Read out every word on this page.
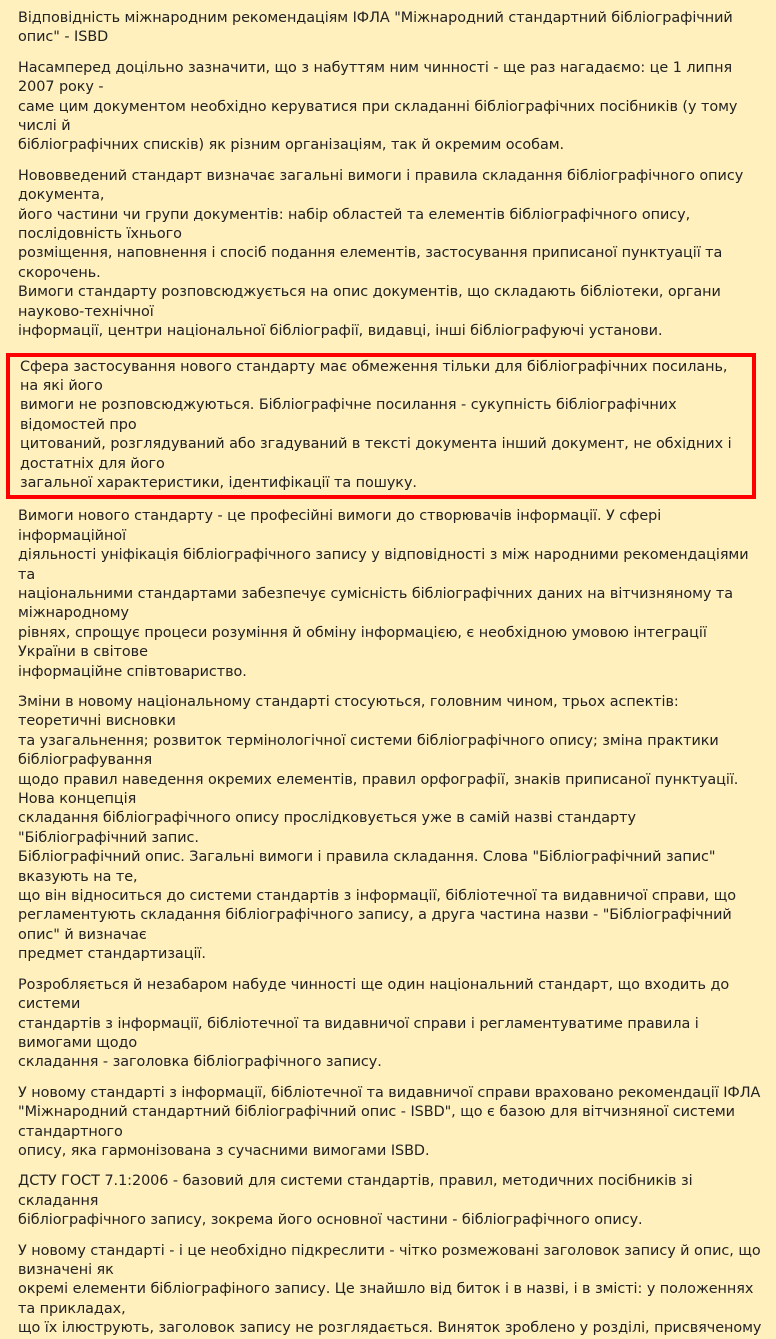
Відповідність міжнародним рекомендаціям ІФЛА "Міжнародний стандартний бібліографічний опис" - ISBD

Насамперед доцільно зазначити, що з набуттям ним чинності - ще раз нагадаємо: це 1 липня 2007 року -
саме цим документом необхідно керуватися при складанні бібліографічних посібників (у тому числі й
бібліографічних списків) як різним організаціям, так й окремим особам.

Нововведений стандарт визначає загальні вимоги і правила складання бібліографічного опису документа,
його частини чи групи документів: набір областей та елементів бібліографічного опису, послідовність їхнього
розміщення, наповнення і спосіб подання елементів, застосування приписаної пунктуації та скорочень.
Вимоги стандарту розповсюджується на опис документів, що складають бібліотеки, органи науково-технічної
інформації, центри національної бібліографії, видавці, інші бібліографуючі установи.

Сфера застосування нового стандарту має обмеження тільки для бібліографічних посилань, на які його
вимоги не розповсюджуються. Бібліографічне посилання - сукупність бібліографічних відомостей про
цитований, розглядуваний або згадуваний в тексті документа інший документ, не обхідних і достатніх для його
загальної характеристики, ідентифікації та пошуку.

Вимоги нового стандарту - це професійні вимоги до створювачів інформації. У сфері інформаційної
діяльності уніфікація бібліографічного запису у відповідності з між народними рекомендаціями та
національними стандартами забезпечує сумісність бібліографічних даних на вітчизняному та міжнародному
рівнях, спрощує процеси розуміння й обміну інформацією, є необхідною умовою інтеграції України в світове
інформаційне співтовариство.

Зміни в новому національному стандарті стосуються, головним чином, трьох аспектів: теоретичні висновки
та узагальнення; розвиток термінологічної системи бібліографічного опису; зміна практики бібліографування
щодо правил наведення окремих елементів, правил орфографії, знаків приписаної пунктуації. Нова концепція
складання бібліографічного опису прослідковується уже в самій назві стандарту "Бібліографічний запис.
Бібліографічний опис. Загальні вимоги і правила складання. Слова "Бібліографічний запис" вказують на те,
що він відноситься до системи стандартів з інформації, бібліотечної та видавничої справи, що
регламентують складання бібліографічного запису, а друга частина назви - "Бібліографічний опис" й визначає
предмет стандартизації.

Розробляється й незабаром набуде чинності ще один національний стандарт, що входить до системи
стандартів з інформації, бібліотечної та видавничої справи і регламентуватиме правила і вимогами щодо
складання - заголовка бібліографічного запису.

У новому стандарті з інформації, бібліотечної та видавничої справи враховано рекомендації ІФЛА
"Міжнародний стандартний бібліографічний опис - ISBD", що є базою для вітчизняної системи стандартного
опису, яка гармонізована з сучасними вимогами ISBD.

ДСТУ ГОСТ 7.1:2006 - базовий для системи стандартів, правил, методичних посібників зі складання
бібліографічного запису, зокрема його основної частини - бібліографічного опису.

У новому стандарті - і це необхідно підкреслити - чітко розмежовані заголовок запису й опис, що визначені як
окремі елементи бібліографіного запису. Це знайшло від биток і в назві, і в змісті: у положеннях та прикладах,
що їх ілюструють, заголовок запису не розглядається. Виняток зроблено у розділі, присвяченому
